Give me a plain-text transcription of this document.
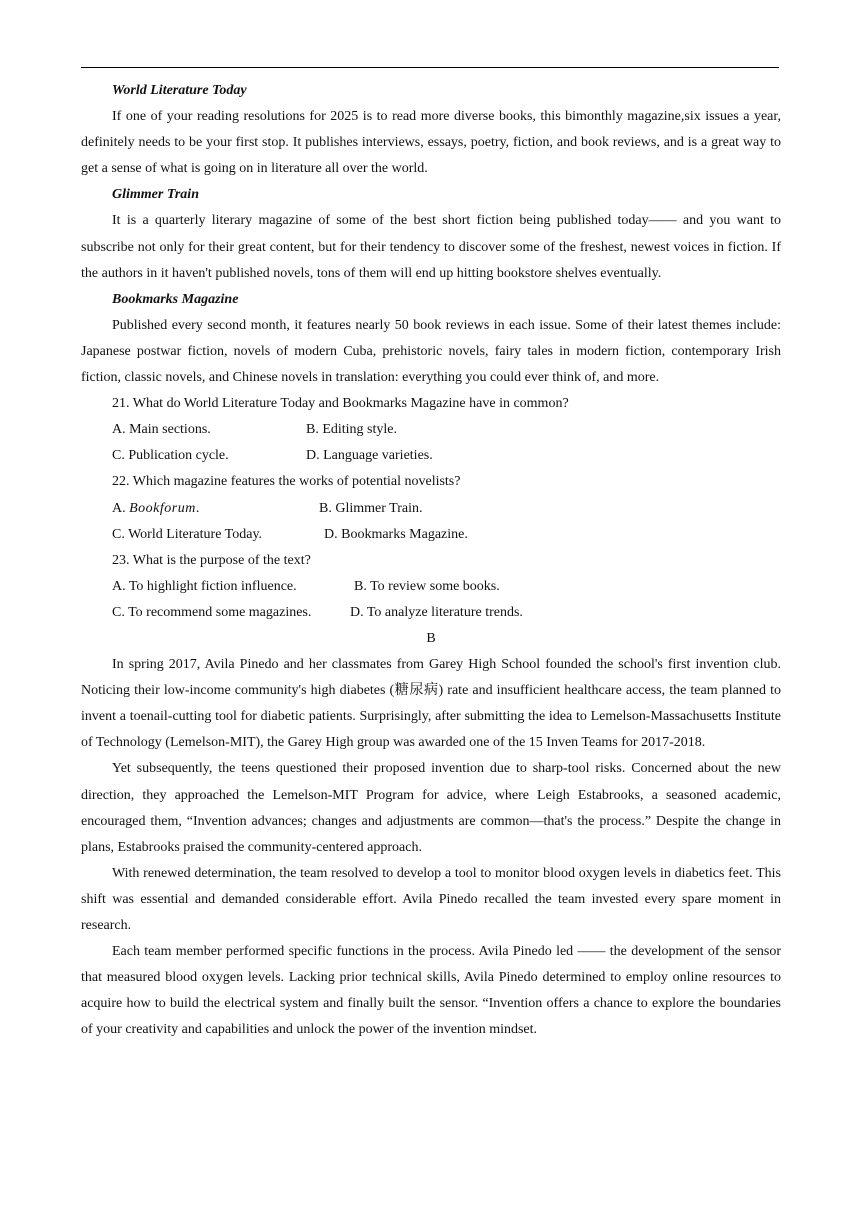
World Literature Today

If one of your reading resolutions for 2025 is to read more diverse books, this bimonthly magazine,six issues a year, definitely needs to be your first stop. It publishes interviews, essays, poetry, fiction, and book reviews, and is a great way to get a sense of what is going on in literature all over the world.

Glimmer Train

It is a quarterly literary magazine of some of the best short fiction being published today—— and you want to subscribe not only for their great content, but for their tendency to discover some of the freshest, newest voices in fiction. If the authors in it haven't published novels, tons of them will end up hitting bookstore shelves eventually.

Bookmarks Magazine

Published every second month, it features nearly 50 book reviews in each issue. Some of their latest themes include: Japanese postwar fiction, novels of modern Cuba, prehistoric novels, fairy tales in modern fiction, contemporary Irish fiction, classic novels, and Chinese novels in translation: everything you could ever think of, and more.

21. What do World Literature Today and Bookmarks Magazine have in common?

A. Main sections.	B. Editing style.
C. Publication cycle.	D. Language varieties.

22. Which magazine features the works of potential novelists?

A. Bookforum.	B. Glimmer Train.
C. World Literature Today.	D. Bookmarks Magazine.

23. What is the purpose of the text?

A. To highlight fiction influence.	B. To review some books.
C. To recommend some magazines.	D. To analyze literature trends.

B

In spring 2017, Avila Pinedo and her classmates from Garey High School founded the school's first invention club. Noticing their low-income community's high diabetes (糖尿病) rate and insufficient healthcare access, the team planned to invent a toenail-cutting tool for diabetic patients. Surprisingly, after submitting the idea to Lemelson-Massachusetts Institute of Technology (Lemelson-MIT), the Garey High group was awarded one of the 15 Inven Teams for 2017-2018.

Yet subsequently, the teens questioned their proposed invention due to sharp-tool risks. Concerned about the new direction, they approached the Lemelson-MIT Program for advice, where Leigh Estabrooks, a seasoned academic, encouraged them, “Invention advances; changes and adjustments are common—that's the process.” Despite the change in plans, Estabrooks praised the community-centered approach.

With renewed determination, the team resolved to develop a tool to monitor blood oxygen levels in diabetics feet. This shift was essential and demanded considerable effort. Avila Pinedo recalled the team invested every spare moment in research.

Each team member performed specific functions in the process. Avila Pinedo led —— the development of the sensor that measured blood oxygen levels. Lacking prior technical skills, Avila Pinedo determined to employ online resources to acquire how to build the electrical system and finally built the sensor. “Invention offers a chance to explore the boundaries of your creativity and capabilities and unlock the power of the invention mindset.
